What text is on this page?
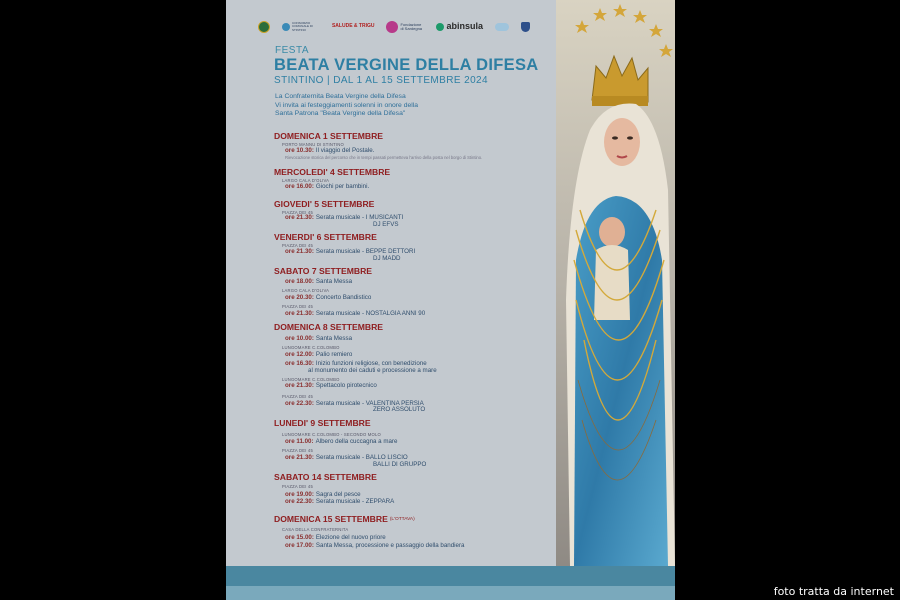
CONSORZIO COMUNALE DI STINTINO
SALUDE & TRIGU	Fondazione di Sardegna	abinsula
FESTA
BEATA VERGINE DELLA DIFESA
STINTINO | DAL 1 AL 15 SETTEMBRE 2024
La Confraternita Beata Vergine della Difesa
Vi invita ai festeggiamenti solenni in onore della
Santa Patrona "Beata Vergine della Difesa"
DOMENICA 1 SETTEMBRE
PORTO MANNU DI STINTINO
ore 10.30: Il viaggio del Postale.
Rievocazione storica del percorso che in tempi passati permetteva l'arrivo della posta nel borgo di Stintino.
MERCOLEDI' 4 SETTEMBRE
LARGO CALA D'OLIVA
ore 16.00: Giochi per bambini.
GIOVEDI' 5 SETTEMBRE
PIAZZA DEI 45
ore 21.30: Serata musicale - I MUSICANTI
DJ EFVS
VENERDI' 6 SETTEMBRE
PIAZZA DEI 45
ore 21.30: Serata musicale - BEPPE DETTORI
DJ MADD
SABATO 7 SETTEMBRE
ore 18.00: Santa Messa
LARGO CALA D'OLIVA
ore 20.30: Concerto Bandistico
PIAZZA DEI 45
ore 21.30: Serata musicale - NOSTALGIA ANNI 90
DOMENICA 8 SETTEMBRE
ore 10.00: Santa Messa
LUNGOMARE C.COLOMBO
ore 12.00: Palio remiero
ore 16.30: Inizio funzioni religiose, con benedizione
al monumento dei caduti e processione a mare
LUNGOMARE C.COLOMBO
ore 21.30: Spettacolo pirotecnico
PIAZZA DEI 45
ore 22.30: Serata musicale - VALENTINA PERSIA
ZERO ASSOLUTO
LUNEDI' 9 SETTEMBRE
LUNGOMARE C.COLOMBO - SECONDO MOLO
ore 11.00: Albero della cuccagna a mare
PIAZZA DEI 45
ore 21.30: Serata musicale - BALLO LISCIO
BALLI DI GRUPPO
SABATO 14 SETTEMBRE
PIAZZA DEI 45
ore 19.00: Sagra del pesce
ore 22.30: Serata musicale - ZEPPARA
DOMENICA 15 SETTEMBRE $^{(L'OTTAVA)}$
CASA DELLA CONFRATERNITA
ore 15.00: Elezione del nuovo priore
ore 17.00: Santa Messa, processione e passaggio della bandiera
foto tratta da internet
